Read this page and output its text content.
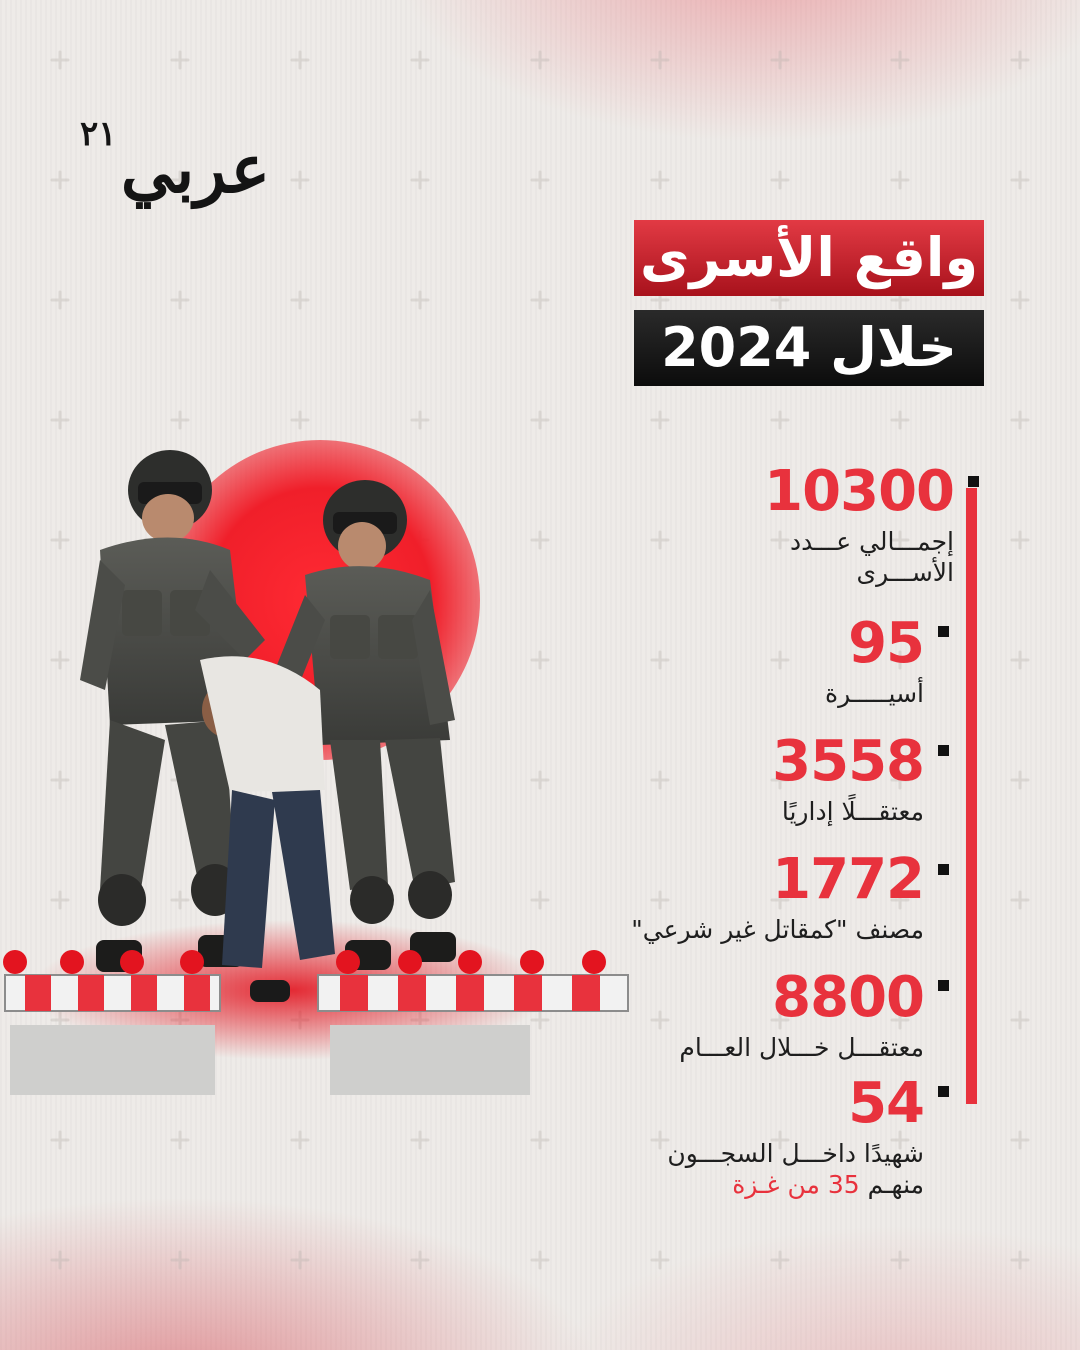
٢١ عربي
واقع الأسرى
خلال 2024
10300
إجمـــالي عـــدد
الأســـرى
95
أسيـــــرة
3558
معتقـــلًا إداريًا
1772
مصنف "كمقاتل غير شرعي"
8800
معتقـــل خـــلال العـــام
54
شهيدًا داخـــل السجـــون
منهـم 35 من غـزة
